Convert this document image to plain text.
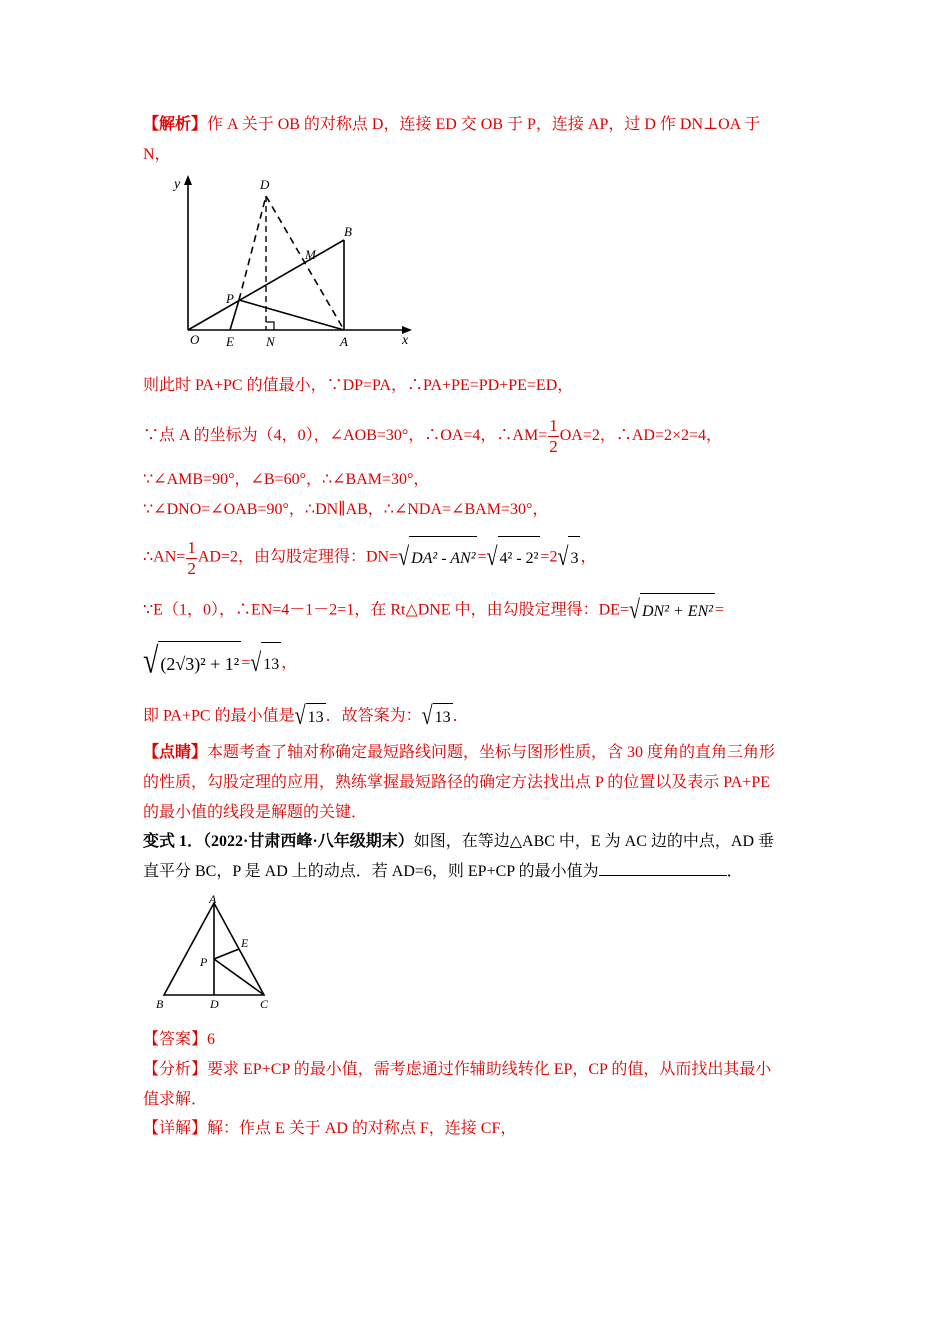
【解析】作 A 关于 OB 的对称点 D，连接 ED 交 OB 于 P，连接 AP，过 D 作 DN⊥OA 于
N，
y
x
O E N	A
P
D
M
B
则此时 PA+PC 的值最小，∵DP=PA，∴PA+PE=PD+PE=ED，
∵点 A 的坐标为（4，0），∠AOB=30°，∴OA=4，∴AM= $\frac{1}{2} OA=2$，∴AD=2×2=4，
∵∠AMB=90°，∠B=60°，∴∠BAM=30°，
∵∠DNO=∠OAB=90°，∴DN∥AB，∴∠NDA=∠BAM=30°，
∴AN= $\frac{1}{2} AD=2$，由勾股定理得：DN=√ DA² - AN² =√ 4² - 2² =2√ 3 ，
∵E（1，0），∴EN=4－1－2=1，在 Rt△DNE 中，由勾股定理得：DE=√ DN² + EN² =
√ (2√3)² + 1² =√ 13 ，
即 PA+PC 的最小值是√ 13 ．故答案为：√ 13 ．
【点睛】本题考查了轴对称确定最短路线问题，坐标与图形性质，含 30 度角的直角三角形
的性质，勾股定理的应用，熟练掌握最短路径的确定方法找出点 P 的位置以及表示 PA+PE
的最小值的线段是解题的关键．
变式 1．（2022·甘肃西峰·八年级期末）如图，在等边△ABC 中，E 为 AC 边的中点，AD 垂
直平分 BC，P 是 AD 上的动点．若 AD=6，则 EP+CP 的最小值为	．
A
B	C
D
E
P
【答案】6
【分析】要求 EP+CP 的最小值，需考虑通过作辅助线转化 EP，CP 的值，从而找出其最小
值求解．
【详解】解：作点 E 关于 AD 的对称点 F，连接 CF，
